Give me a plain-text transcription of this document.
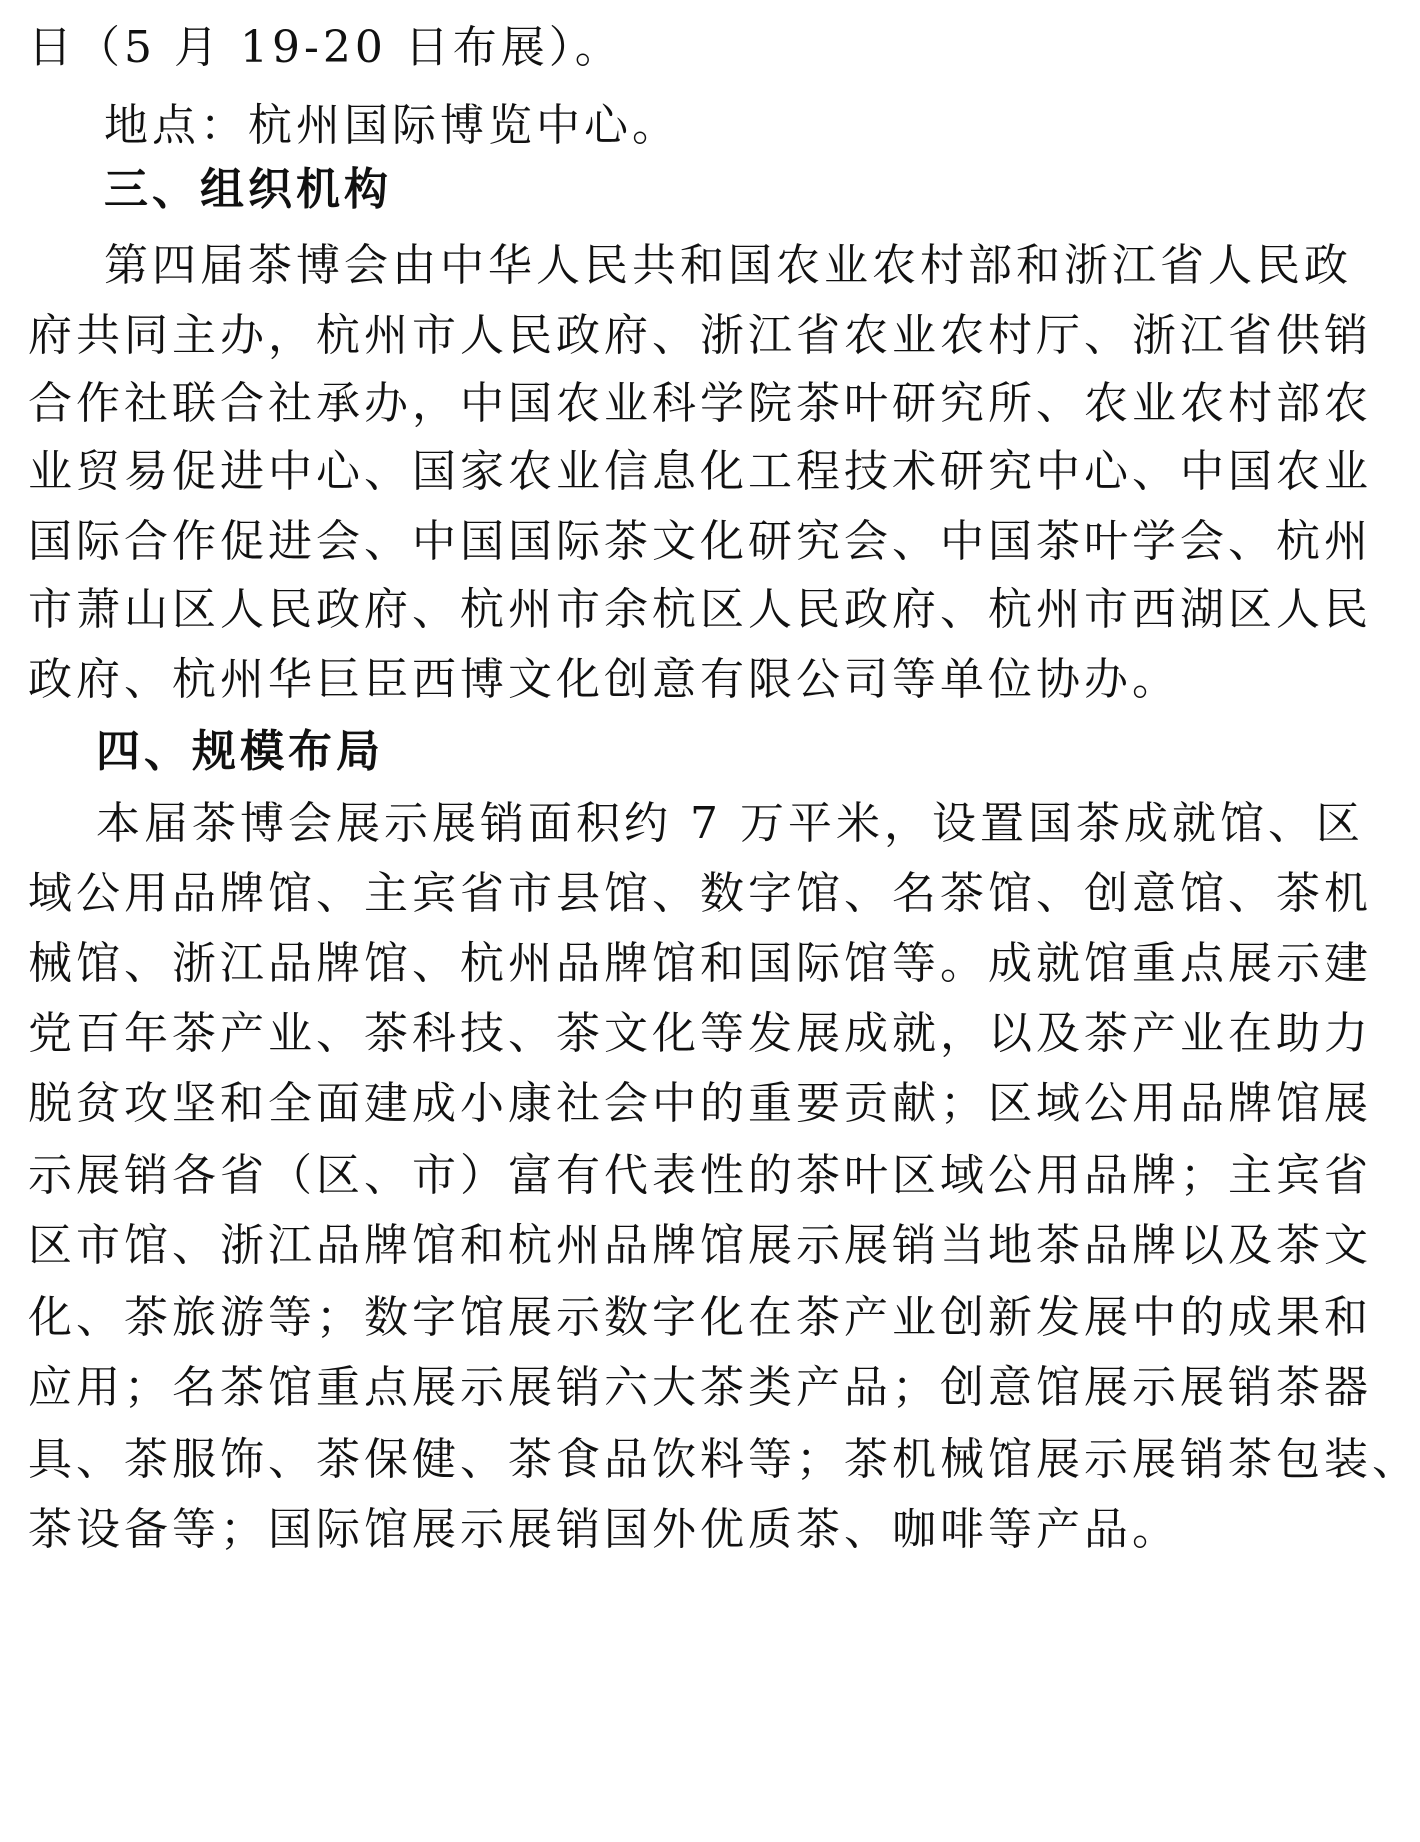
日（5 月 19-20 日布展）。
地点：杭州国际博览中心。
三、组织机构
第四届茶博会由中华人民共和国农业农村部和浙江省人民政
府共同主办，杭州市人民政府、浙江省农业农村厅、浙江省供销
合作社联合社承办，中国农业科学院茶叶研究所、农业农村部农
业贸易促进中心、国家农业信息化工程技术研究中心、中国农业
国际合作促进会、中国国际茶文化研究会、中国茶叶学会、杭州
市萧山区人民政府、杭州市余杭区人民政府、杭州市西湖区人民
政府、杭州华巨臣西博文化创意有限公司等单位协办。
四、规模布局
本届茶博会展示展销面积约 7 万平米，设置国茶成就馆、区
域公用品牌馆、主宾省市县馆、数字馆、名茶馆、创意馆、茶机
械馆、浙江品牌馆、杭州品牌馆和国际馆等。成就馆重点展示建
党百年茶产业、茶科技、茶文化等发展成就，以及茶产业在助力
脱贫攻坚和全面建成小康社会中的重要贡献；区域公用品牌馆展
示展销各省（区、市）富有代表性的茶叶区域公用品牌；主宾省
区市馆、浙江品牌馆和杭州品牌馆展示展销当地茶品牌以及茶文
化、茶旅游等；数字馆展示数字化在茶产业创新发展中的成果和
应用；名茶馆重点展示展销六大茶类产品；创意馆展示展销茶器
具、茶服饰、茶保健、茶食品饮料等；茶机械馆展示展销茶包装、
茶设备等；国际馆展示展销国外优质茶、咖啡等产品。
